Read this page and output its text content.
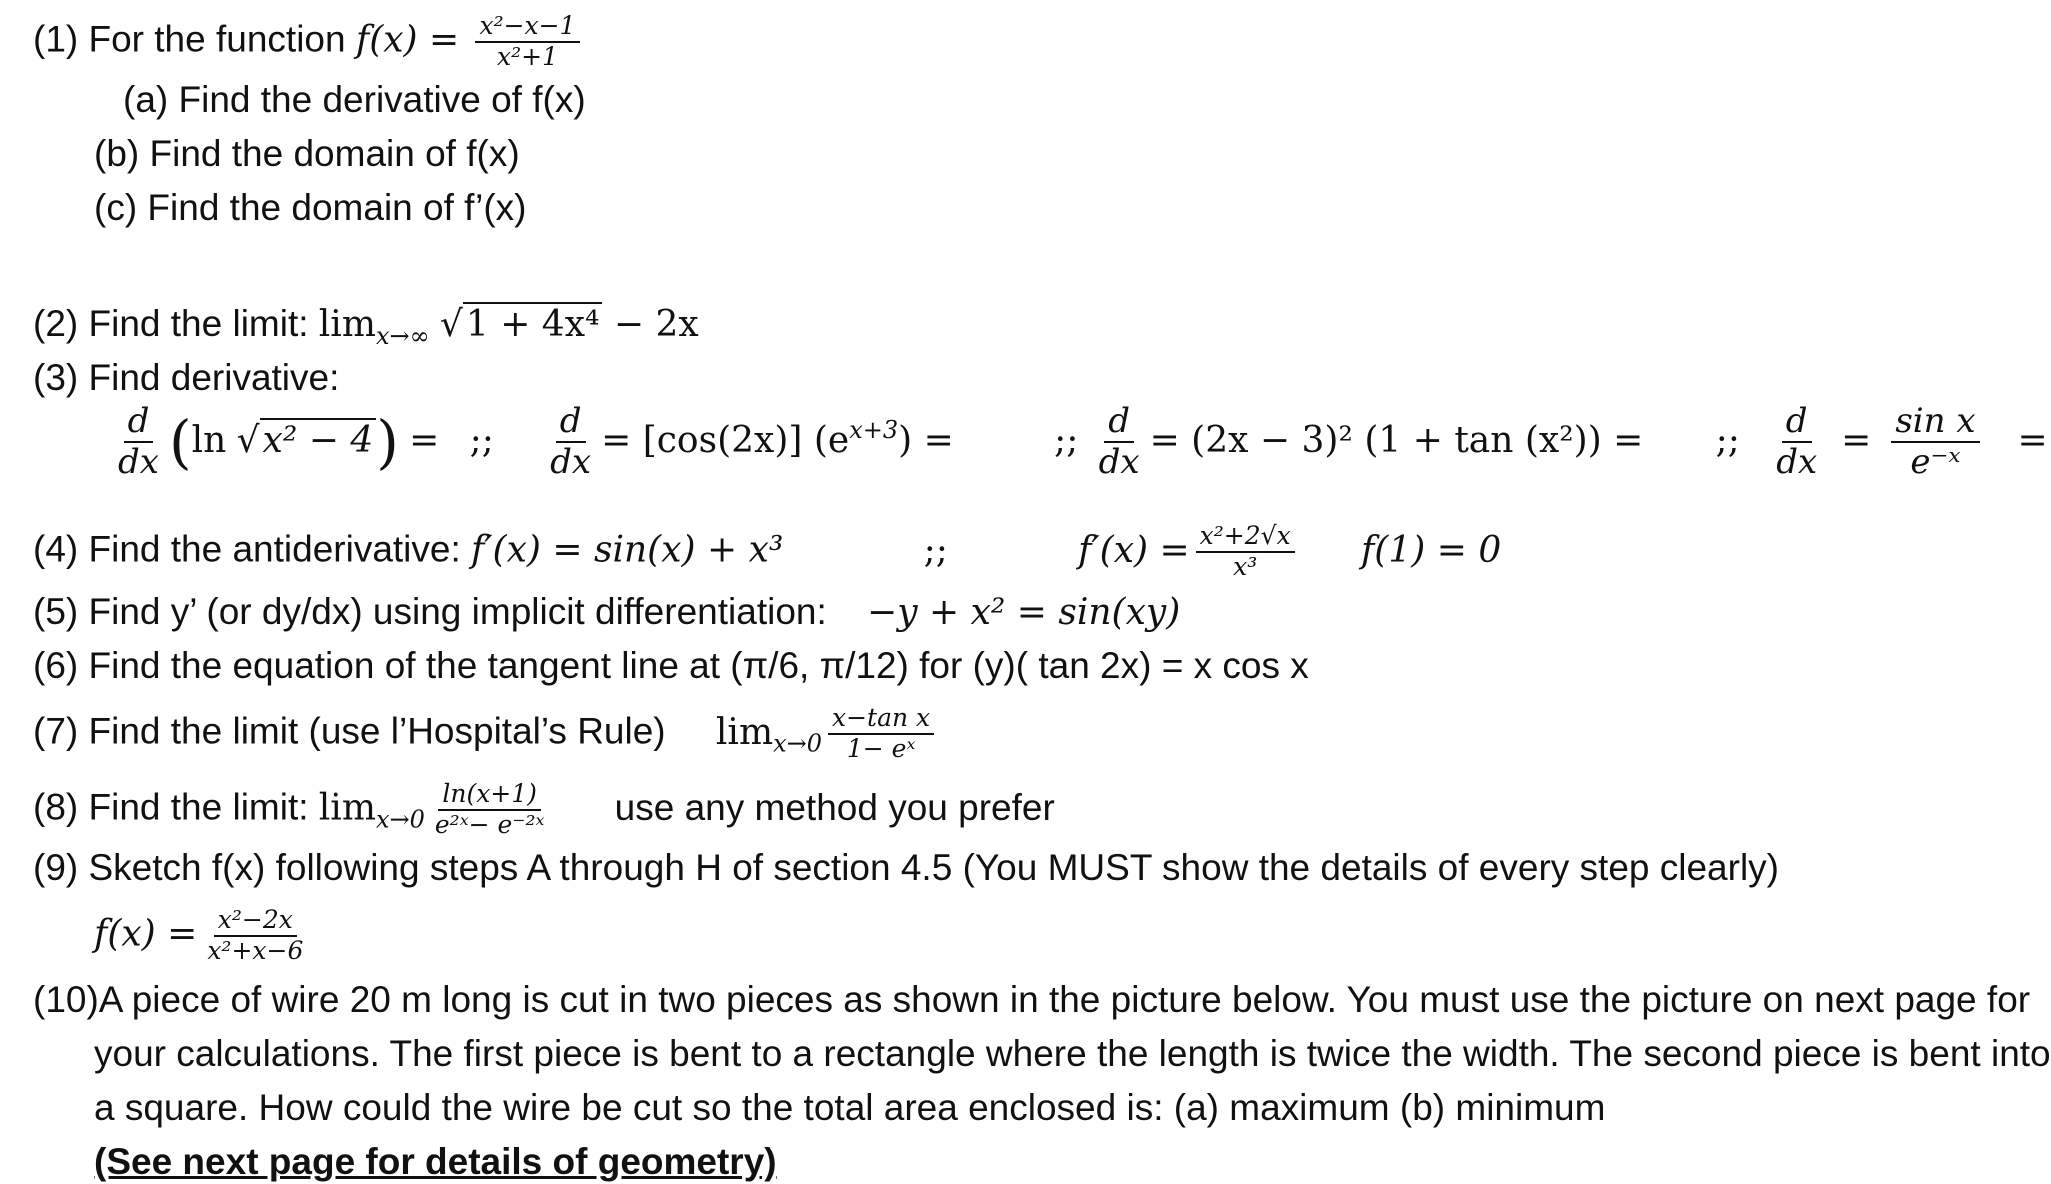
(1) For the function $f(x) = \frac{\text{x²−x−1}}{\text{x²+1}}$
(a) Find the derivative of f(x)
(b) Find the domain of f(x)
(c) Find the domain of f’(x)
(2) Find the limit: $\lim_{x\to\infty} √1 + 4x^4 - 2x$
(3) Find derivative:
$\frac{d}{dx} (\ln$ √x² − 4) = ;; $\frac{d}{dx} = [\cos(2x)] (e^{x+3})$ =	;; $\frac{d}{dx} = (2x - 3)^2$ (1 + tan (x²)) = ;; $\frac{d}{dx} = \frac{\text{sin x}}{\text{e⁻ˣ}}$ =
(4) Find the antiderivative: f′(x) = sin(x) + x³	;;	$f'(x) = \frac{\text{x²+2√x}}{\text{x³}} f(1) = 0$
(5) Find y’ (or dy/dx) using implicit differentiation: −y + x² = sin(xy)
(6) Find the equation of the tangent line at (π/6, π/12) for (y)( tan 2x) = x cos x
(7) Find the limit (use l’Hospital’s Rule) $\lim_{x\to 0} \frac{\text{x−tan x}}{\text{1− eˣ}}$
(8) Find the limit: $\lim_{x\to 0} \frac{\ln(x+1)}{\text{e²ˣ− e⁻²ˣ}}$ use any method you prefer
(9) Sketch f(x) following steps A through H of section 4.5 (You MUST show the details of every step clearly)
$f(x) = \frac{\text{x²−2x}}{\text{x²+x−6}}$
(10)A piece of wire 20 m long is cut in two pieces as shown in the picture below. You must use the picture on next page for
your calculations. The first piece is bent to a rectangle where the length is twice the width. The second piece is bent into
a square. How could the wire be cut so the total area enclosed is: (a) maximum (b) minimum
(See next page for details of geometry)
